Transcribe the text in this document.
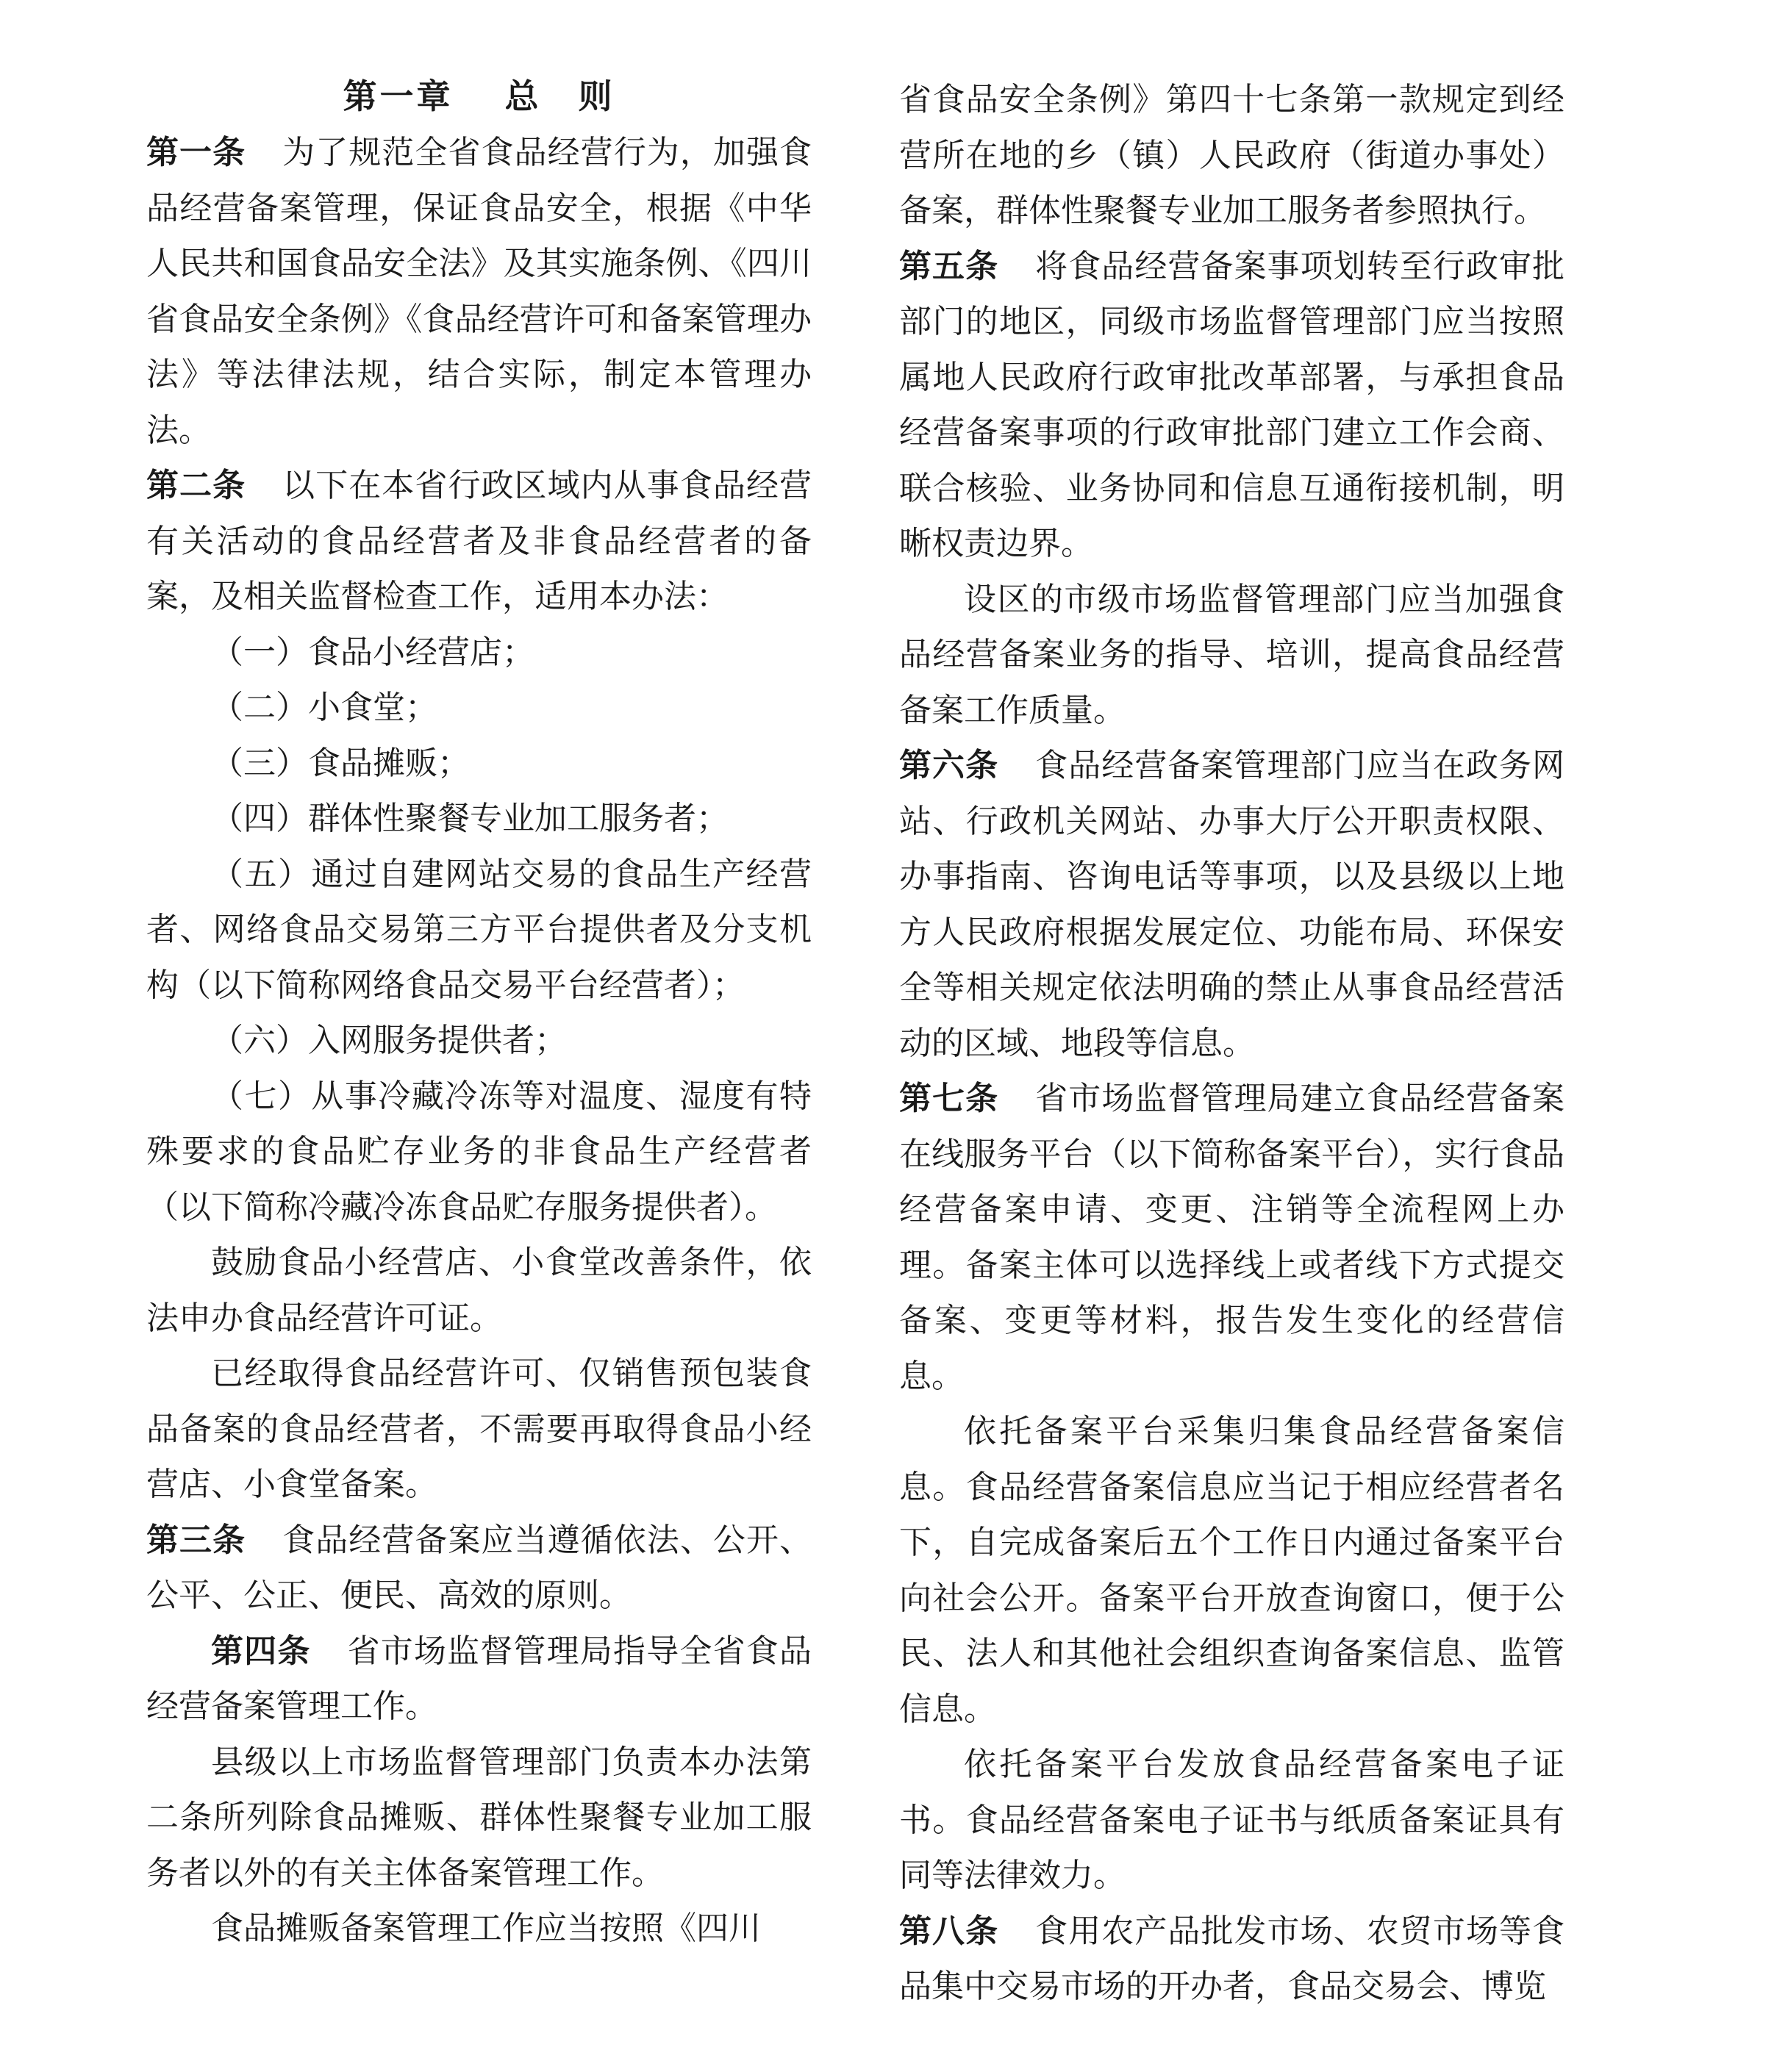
第一章 总　则

第一条 为了规范全省食品经营行为，加强食品经营备案管理，保证食品安全，根据《中华人民共和国食品安全法》及其实施条例、《四川省食品安全条例》《食品经营许可和备案管理办法》等法律法规，结合实际，制定本管理办法。

第二条 以下在本省行政区域内从事食品经营有关活动的食品经营者及非食品经营者的备案，及相关监督检查工作，适用本办法：

（一）食品小经营店；

（二）小食堂；

（三）食品摊贩；

（四）群体性聚餐专业加工服务者；

（五）通过自建网站交易的食品生产经营者、网络食品交易第三方平台提供者及分支机构（以下简称网络食品交易平台经营者）；

（六）入网服务提供者；

（七）从事冷藏冷冻等对温度、湿度有特殊要求的食品贮存业务的非食品生产经营者（以下简称冷藏冷冻食品贮存服务提供者）。

鼓励食品小经营店、小食堂改善条件，依法申办食品经营许可证。

已经取得食品经营许可、仅销售预包装食品备案的食品经营者，不需要再取得食品小经营店、小食堂备案。

第三条 食品经营备案应当遵循依法、公开、公平、公正、便民、高效的原则。

第四条 省市场监督管理局指导全省食品经营备案管理工作。

县级以上市场监督管理部门负责本办法第二条所列除食品摊贩、群体性聚餐专业加工服务者以外的有关主体备案管理工作。

食品摊贩备案管理工作应当按照《四川

省食品安全条例》第四十七条第一款规定到经营所在地的乡（镇）人民政府（街道办事处）备案，群体性聚餐专业加工服务者参照执行。

第五条 将食品经营备案事项划转至行政审批部门的地区，同级市场监督管理部门应当按照属地人民政府行政审批改革部署，与承担食品经营备案事项的行政审批部门建立工作会商、联合核验、业务协同和信息互通衔接机制，明晰权责边界。

设区的市级市场监督管理部门应当加强食品经营备案业务的指导、培训，提高食品经营备案工作质量。

第六条 食品经营备案管理部门应当在政务网站、行政机关网站、办事大厅公开职责权限、办事指南、咨询电话等事项，以及县级以上地方人民政府根据发展定位、功能布局、环保安全等相关规定依法明确的禁止从事食品经营活动的区域、地段等信息。

第七条 省市场监督管理局建立食品经营备案在线服务平台（以下简称备案平台），实行食品经营备案申请、变更、注销等全流程网上办理。备案主体可以选择线上或者线下方式提交备案、变更等材料，报告发生变化的经营信息。

依托备案平台采集归集食品经营备案信息。食品经营备案信息应当记于相应经营者名下，自完成备案后五个工作日内通过备案平台向社会公开。备案平台开放查询窗口，便于公民、法人和其他社会组织查询备案信息、监管信息。

依托备案平台发放食品经营备案电子证书。食品经营备案电子证书与纸质备案证具有同等法律效力。

第八条 食用农产品批发市场、农贸市场等食品集中交易市场的开办者，食品交易会、博览
